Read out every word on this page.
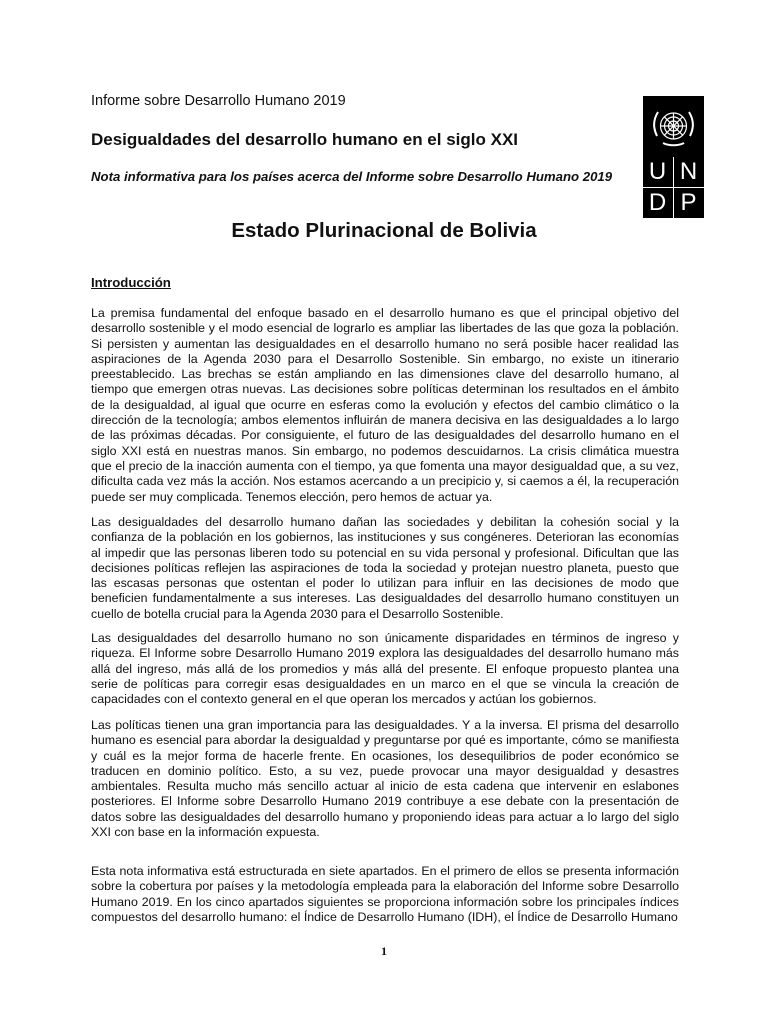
Informe sobre Desarrollo Humano 2019
Desigualdades del desarrollo humano en el siglo XXI
Nota informativa para los países acerca del Informe sobre Desarrollo Humano 2019 U N
D P
Estado Plurinacional de Bolivia
Introducción

La premisa fundamental del enfoque basado en el desarrollo humano es que el principal objetivo del desarrollo sostenible y el modo esencial de lograrlo es ampliar las libertades de las que goza la población. Si persisten y aumentan las desigualdades en el desarrollo humano no será posible hacer realidad las aspiraciones de la Agenda 2030 para el Desarrollo Sostenible. Sin embargo, no existe un itinerario preestablecido. Las brechas se están ampliando en las dimensiones clave del desarrollo humano, al tiempo que emergen otras nuevas. Las decisiones sobre políticas determinan los resultados en el ámbito de la desigualdad, al igual que ocurre en esferas como la evolución y efectos del cambio climático o la dirección de la tecnología; ambos elementos influirán de manera decisiva en las desigualdades a lo largo de las próximas décadas. Por consiguiente, el futuro de las desigualdades del desarrollo humano en el siglo XXI está en nuestras manos. Sin embargo, no podemos descuidarnos. La crisis climática muestra que el precio de la inacción aumenta con el tiempo, ya que fomenta una mayor desigualdad que, a su vez, dificulta cada vez más la acción. Nos estamos acercando a un precipicio y, si caemos a él, la recuperación puede ser muy complicada. Tenemos elección, pero hemos de actuar ya.

Las desigualdades del desarrollo humano dañan las sociedades y debilitan la cohesión social y la confianza de la población en los gobiernos, las instituciones y sus congéneres. Deterioran las economías al impedir que las personas liberen todo su potencial en su vida personal y profesional. Dificultan que las decisiones políticas reflejen las aspiraciones de toda la sociedad y protejan nuestro planeta, puesto que las escasas personas que ostentan el poder lo utilizan para influir en las decisiones de modo que beneficien fundamentalmente a sus intereses. Las desigualdades del desarrollo humano constituyen un cuello de botella crucial para la Agenda 2030 para el Desarrollo Sostenible.

Las desigualdades del desarrollo humano no son únicamente disparidades en términos de ingreso y riqueza. El Informe sobre Desarrollo Humano 2019 explora las desigualdades del desarrollo humano más allá del ingreso, más allá de los promedios y más allá del presente. El enfoque propuesto plantea una serie de políticas para corregir esas desigualdades en un marco en el que se vincula la creación de capacidades con el contexto general en el que operan los mercados y actúan los gobiernos.

Las políticas tienen una gran importancia para las desigualdades. Y a la inversa. El prisma del desarrollo humano es esencial para abordar la desigualdad y preguntarse por qué es importante, cómo se manifiesta y cuál es la mejor forma de hacerle frente. En ocasiones, los desequilibrios de poder económico se traducen en dominio político. Esto, a su vez, puede provocar una mayor desigualdad y desastres ambientales. Resulta mucho más sencillo actuar al inicio de esta cadena que intervenir en eslabones posteriores. El Informe sobre Desarrollo Humano 2019 contribuye a ese debate con la presentación de datos sobre las desigualdades del desarrollo humano y proponiendo ideas para actuar a lo largo del siglo XXI con base en la información expuesta.

Esta nota informativa está estructurada en siete apartados. En el primero de ellos se presenta información sobre la cobertura por países y la metodología empleada para la elaboración del Informe sobre Desarrollo Humano 2019. En los cinco apartados siguientes se proporciona información sobre los principales índices compuestos del desarrollo humano: el Índice de Desarrollo Humano (IDH), el Índice de Desarrollo Humano

1
